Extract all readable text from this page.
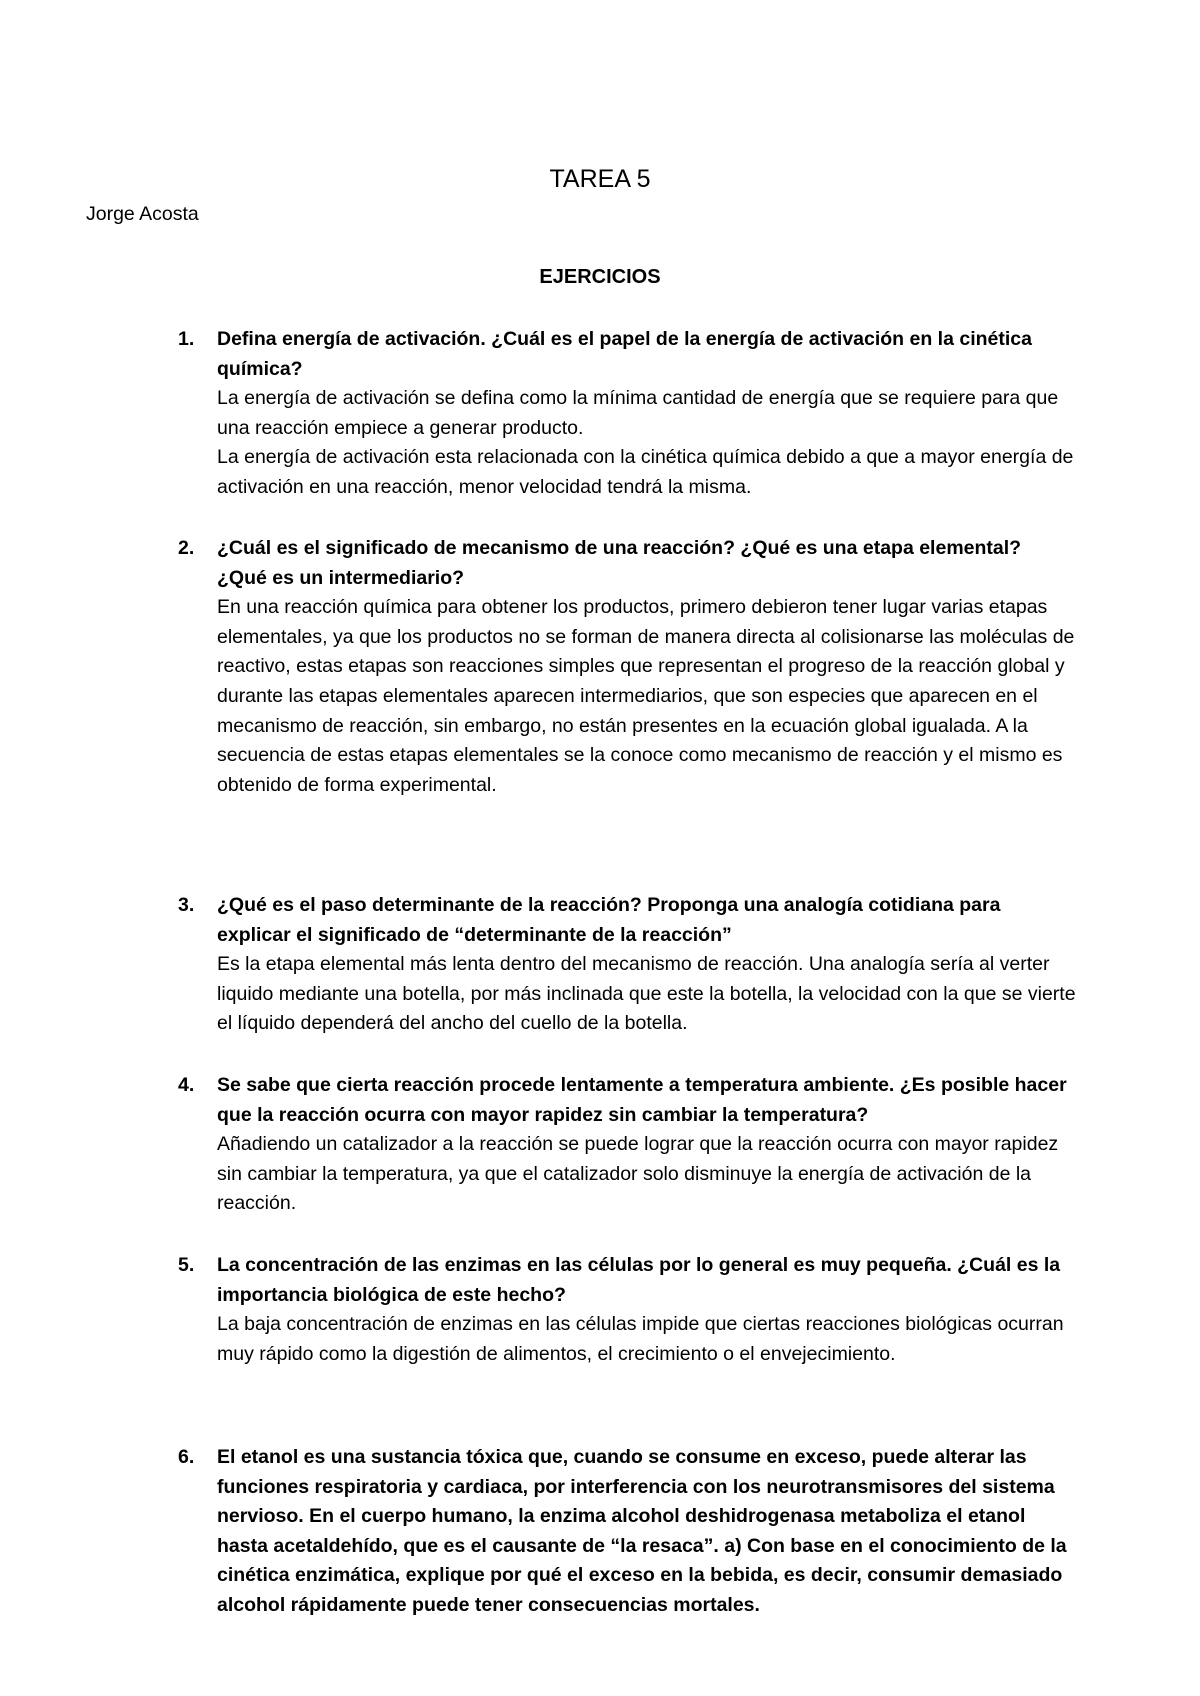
TAREA 5

Jorge Acosta

EJERCICIOS
1. Defina energía de activación. ¿Cuál es el papel de la energía de activación en la cinética química?
La energía de activación se defina como la mínima cantidad de energía que se requiere para que una reacción empiece a generar producto.
La energía de activación esta relacionada con la cinética química debido a que a mayor energía de activación en una reacción, menor velocidad tendrá la misma.
2. ¿Cuál es el significado de mecanismo de una reacción? ¿Qué es una etapa elemental?
¿Qué es un intermediario?
En una reacción química para obtener los productos, primero debieron tener lugar varias etapas elementales, ya que los productos no se forman de manera directa al colisionarse las moléculas de reactivo, estas etapas son reacciones simples que representan el progreso de la reacción global y durante las etapas elementales aparecen intermediarios, que son especies que aparecen en el mecanismo de reacción, sin embargo, no están presentes en la ecuación global igualada. A la secuencia de estas etapas elementales se la conoce como mecanismo de reacción y el mismo es obtenido de forma experimental.
3. ¿Qué es el paso determinante de la reacción? Proponga una analogía cotidiana para explicar el significado de “determinante de la reacción”
Es la etapa elemental más lenta dentro del mecanismo de reacción. Una analogía sería al verter liquido mediante una botella, por más inclinada que este la botella, la velocidad con la que se vierte el líquido dependerá del ancho del cuello de la botella.
4. Se sabe que cierta reacción procede lentamente a temperatura ambiente. ¿Es posible hacer que la reacción ocurra con mayor rapidez sin cambiar la temperatura?
Añadiendo un catalizador a la reacción se puede lograr que la reacción ocurra con mayor rapidez sin cambiar la temperatura, ya que el catalizador solo disminuye la energía de activación de la reacción.
5. La concentración de las enzimas en las células por lo general es muy pequeña. ¿Cuál es la importancia biológica de este hecho?
La baja concentración de enzimas en las células impide que ciertas reacciones biológicas ocurran muy rápido como la digestión de alimentos, el crecimiento o el envejecimiento.
6. El etanol es una sustancia tóxica que, cuando se consume en exceso, puede alterar las funciones respiratoria y cardiaca, por interferencia con los neurotransmisores del sistema nervioso. En el cuerpo humano, la enzima alcohol deshidrogenasa metaboliza el etanol hasta acetaldehído, que es el causante de “la resaca”. a) Con base en el conocimiento de la cinética enzimática, explique por qué el exceso en la bebida, es decir, consumir demasiado alcohol rápidamente puede tener consecuencias mortales.
